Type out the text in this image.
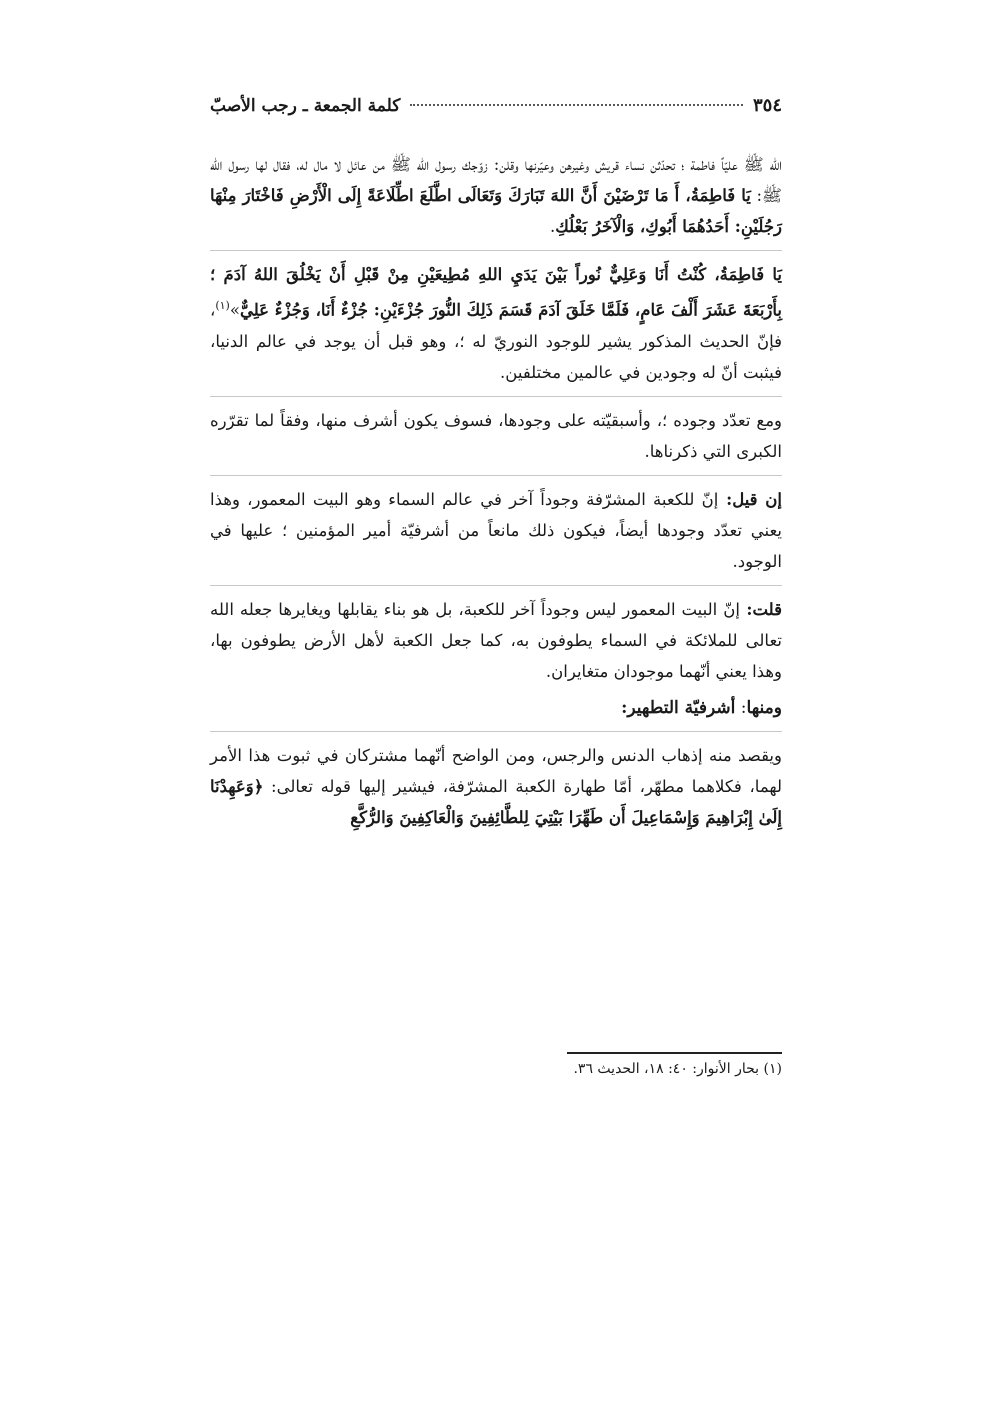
٣٥٤
كلمة الجمعة ـ رجب الأصبّ

الله ﷺ عليّاً فاطمة ؛ تحدّثن نساء قريش وغيرهن وعيّرنها وقلن: زوّجك رسول الله ﷺ من عائل لا مال له، فقال لها رسول الله ﷺ: يَا فَاطِمَةُ، أَ مَا تَرْضَيْنَ أَنَّ اللهَ تَبَارَكَ وَتَعَالَى اطَّلَعَ اطِّلَاعَةً إِلَى الْأَرْضِ فَاخْتَارَ مِنْهَا رَجُلَيْنِ: أَحَدُهُمَا أَبُوكِ، وَالْآخَرُ بَعْلُكِ.

يَا فَاطِمَةُ، كُنْتُ أَنَا وَعَلِيٌّ نُوراً بَيْنَ يَدَيِ اللهِ مُطِيعَيْنِ مِنْ قَبْلِ أَنْ يَخْلُقَ اللهُ آدَمَ ؛ بِأَرْبَعَةَ عَشَرَ أَلْفَ عَامٍ، فَلَمَّا خَلَقَ آدَمَ قَسَمَ ذَلِكَ النُّورَ جُزْءَيْنِ: جُزْءٌ أَنَا، وَجُزْءٌ عَلِيٌّ»$^{(١)}$، فإنّ الحديث المذكور يشير للوجود النوريّ له ؛، وهو قبل أن يوجد في عالم الدنيا، فيثبت أنّ له وجودين في عالمين مختلفين.

ومع تعدّد وجوده ؛، وأسبقيّته على وجودها، فسوف يكون أشرف منها، وفقاً لما تقرّره الكبرى التي ذكرناها.

إن قيل: إنّ للكعبة المشرّفة وجوداً آخر في عالم السماء وهو البيت المعمور، وهذا يعني تعدّد وجودها أيضاً، فيكون ذلك مانعاً من أشرفيّة أمير المؤمنين ؛ عليها في الوجود.

قلت: إنّ البيت المعمور ليس وجوداً آخر للكعبة، بل هو بناء يقابلها ويغايرها جعله الله تعالى للملائكة في السماء يطوفون به، كما جعل الكعبة لأهل الأرض يطوفون بها، وهذا يعني أنّهما موجودان متغايران.

ومنها: أشرفيّة التطهير:

ويقصد منه إذهاب الدنس والرجس، ومن الواضح أنّهما مشتركان في ثبوت هذا الأمر لهما، فكلاهما مطهّر، أمّا طهارة الكعبة المشرّفة، فيشير إليها قوله تعالى: ﴿وَعَهِدْنَا إِلَىٰ إِبْرَاهِيمَ وَإِسْمَاعِيلَ أَن طَهِّرَا بَيْتِيَ لِلطَّائِفِينَ وَالْعَاكِفِينَ وَالرُّكَّعِ

(١) بحار الأنوار: ٤٠: ١٨، الحديث ٣٦.
